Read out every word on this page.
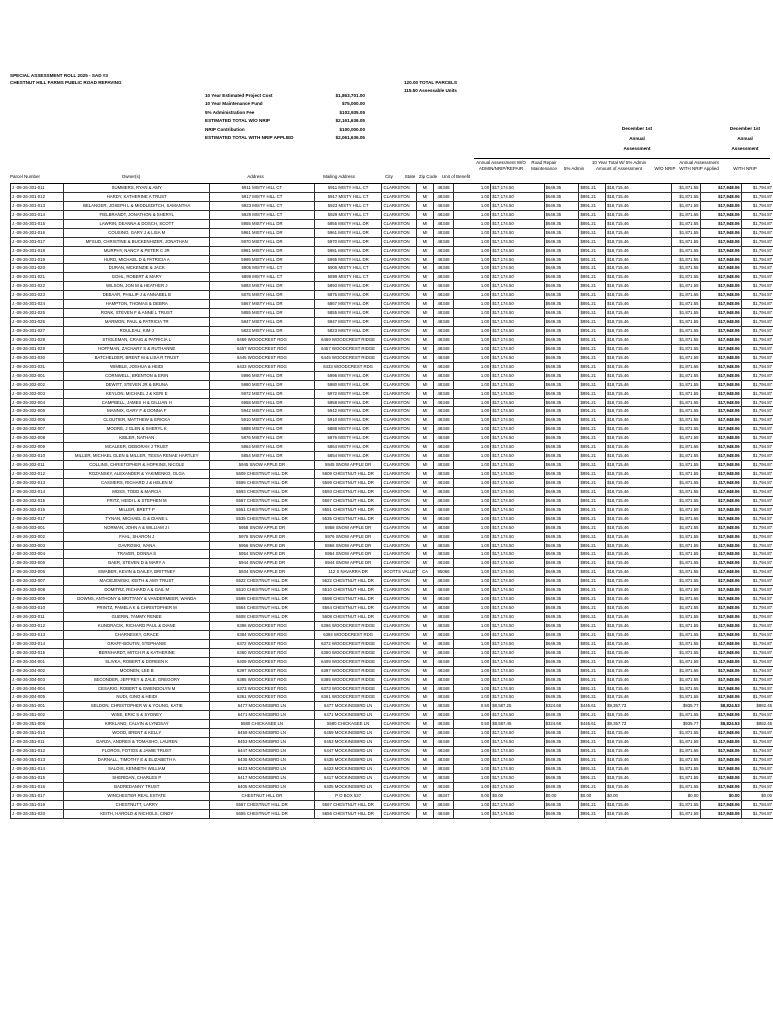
SPECIAL ASSESSMENT ROLL 2025 - SAD #3
CHESTNUT HILL FARMS PUBLIC ROAD REPAVING	120.00 TOTAL PARCELS
115.50 Assessable Units
10 Year Estimated Project Cost	$1,863,701.00
10 Year Maintenance Fund	$75,000.00
5% Administration Fee	$102,935.05
ESTIMATED TOTAL W/O NRIP	$2,161,636.05
NRIP Contribution	$100,000.00
ESTIMATED TOTAL WITH NRIP APPLIED	$2,061,636.05
December 1st
Annual
Assessment
December 1st
Annual
Assessment
Parcel Number	Owner(s)	Address	Mailing Address	City	State Zip Code	Unit of Benefit
Annual Assessment W/O ADMIN/NRIP/REPAIR
Road Repair Maintenance	5% Admin
10 Year Total W/ 5% Admin Amount of Assessment	W/O NRIP
Annual Assessment WITH NRIP Applied	WITH NRIP
J -08-26-301-011	SUMMERS, RYAN & AMY	5911 MISTY HILL CT	5911 MISTY HILL CT	CLARKSTON	MI	48348	1.00	$17,174.50	$649.35	$891.21	$18,715.46	$1,871.55	$17,948.06	$1,794.87
J -08-26-301-012	HARDY, KATHERINE A TRUST	5917 MISTY HILL CT	5917 MISTY HILL CT	CLARKSTON	MI	48348	1.00	$17,174.50	$649.35	$891.21	$18,715.46	$1,871.55	$17,948.06	$1,794.87
J -08-26-301-013	BELANGER, JOSEPH L & MIDDLEDITCH, SAMANTHA	5923 MISTY HILL CT	5923 MISTY HILL CT	CLARKSTON	MI	48348	1.00	$17,174.50	$649.35	$891.21	$18,715.46	$1,871.55	$17,948.06	$1,794.87
J -08-26-301-014	FIELBRANDT, JONATHON & SHERYL	5929 MISTY HILL CT	5929 MISTY HILL CT	CLARKSTON	MI	48348	1.00	$17,174.50	$649.35	$891.21	$18,715.46	$1,871.55	$17,948.06	$1,794.87
J -08-26-301-015	LAWRIN, DEANNA & DOSCH, SCOTT	5955 MISTY HILL DR	5955 MISTY HILL DR	CLARKSTON	MI	48348	1.00	$17,174.50	$649.35	$891.21	$18,715.46	$1,871.55	$17,948.06	$1,794.87
J -08-26-301-016	COUSINO, GARY J & LISA M	5961 MISTY HILL DR	5961 MISTY HILL DR	CLARKSTON	MI	48348	1.00	$17,174.50	$649.35	$891.21	$18,715.46	$1,871.55	$17,948.06	$1,794.87
J -08-26-301-017	MFSUD, CHRISTINE & BUCKENHIZER, JONATHAN	5970 MISTY HILL DR	5970 MISTY HILL DR	CLARKSTON	MI	48348	1.00	$17,174.50	$649.35	$891.21	$18,715.46	$1,871.55	$17,948.06	$1,794.87
J -08-26-301-018	MURPHY, NANCY & PETER C JR	5981 MISTY HILL DR	5981 MISTY HILL DR	CLARKSTON	MI	48348	1.00	$17,174.50	$649.35	$891.21	$18,715.46	$1,871.55	$17,948.06	$1,794.87
J -08-26-301-019	HURD, MICHAEL D & PATRICIA A	5995 MISTY HILL DR	5995 MISTY HILL DR	CLARKSTON	MI	48348	1.00	$17,174.50	$649.35	$891.21	$18,715.46	$1,871.55	$17,948.06	$1,794.87
J -08-26-301-020	DURAN, MCKENZIE & JACK	5905 MISTY HILL CT	5905 MISTY HILL CT	CLARKSTON	MI	48348	1.00	$17,174.50	$649.35	$891.21	$18,715.46	$1,871.55	$17,948.06	$1,794.87
J -08-26-301-021	GOHL, ROBERT & MARY	5899 MISTY HILL CT	5899 MISTY HILL CT	CLARKSTON	MI	48348	1.00	$17,174.50	$649.35	$891.21	$18,715.46	$1,871.55	$17,948.06	$1,794.87
J -08-26-301-022	WILSON, JON M & HEATHER J	5893 MISTY HILL DR	5893 MISTY HILL DR	CLARKSTON	MI	48348	1.00	$17,174.50	$649.35	$891.21	$18,715.46	$1,871.55	$17,948.06	$1,794.87
J -08-26-301-023	DEBAAR, PHILLIP J & ANNABEL B	5875 MISTY HILL DR	5875 MISTY HILL DR	CLARKSTON	MI	48348	1.00	$17,174.50	$649.35	$891.21	$18,715.46	$1,871.55	$17,948.06	$1,794.87
J -08-26-301-024	HAMPTON, THOMAS & DEBRA	5867 MISTY HILL DR	5867 MISTY HILL DR	CLARKSTON	MI	48348	1.00	$17,174.50	$649.35	$891.21	$18,715.46	$1,871.55	$17,948.06	$1,794.87
J -08-26-301-025	RONK, STEVEN F & ANNE L TRUST	5855 MISTY HILL DR	5855 MISTY HILL DR	CLARKSTON	MI	48348	1.00	$17,174.50	$649.35	$891.21	$18,715.46	$1,871.55	$17,948.06	$1,794.87
J -08-26-301-026	MARMON, PAUL & PATRICIA TR	5847 MISTY HILL DR	5847 MISTY HILL DR	CLARKSTON	MI	48348	1.00	$17,174.50	$649.35	$891.21	$18,715.46	$1,871.55	$17,948.06	$1,794.87
J -08-26-301-027	ROULEAU, KIM J	5823 MISTY HILL DR	5823 MISTY HILL DR	CLARKSTON	MI	48348	1.00	$17,174.50	$649.35	$891.21	$18,715.46	$1,871.55	$17,948.06	$1,794.87
J -08-26-301-028	STIGLEMAN, CRAIG & PATRICIA L	6469 WOODCREST RDG	6469 WOODCREST RIDGE	CLARKSTON	MI	48348	1.00	$17,174.50	$649.35	$891.21	$18,715.46	$1,871.55	$17,948.06	$1,794.87
J -08-26-301-029	HOFFMAN, ZACHARY S & RUTHANNE	6457 WOODCREST RDG	6457 WOODCREST RIDGE	CLARKSTON	MI	48348	1.00	$17,174.50	$649.35	$891.21	$18,715.46	$1,871.55	$17,948.06	$1,794.87
J -08-26-301-030	BATCHELDER, BRENT M & LISA R TRUST	6445 WOODCREST RDG	6445 WOODCREST RIDGE	CLARKSTON	MI	48348	1.00	$17,174.50	$649.35	$891.21	$18,715.46	$1,871.55	$17,948.06	$1,794.87
J -08-26-301-031	WIMBLE, JOSHUA & HEIDI	6433 WOODCREST RDG	6433 WOODCREST RDG	CLARKSTON	MI	48348	1.00	$17,174.50	$649.35	$891.21	$18,715.46	$1,871.55	$17,948.06	$1,794.87
J -08-26-302-001	CORNWELL, BRENTON & ERIN	5996 MISTY HILL DR	5996 MISTY HILL DR	CLARKSTON	MI	48348	1.00	$17,174.50	$649.35	$891.21	$18,715.46	$1,871.55	$17,948.06	$1,794.87
J -08-26-302-002	DEWITT, STEVEN JR & BRUNA	5980 MISTY HILL DR	5980 MISTY HILL DR	CLARKSTON	MI	48348	1.00	$17,174.50	$649.35	$891.21	$18,715.46	$1,871.55	$17,948.06	$1,794.87
J -08-26-302-003	KEYLON, MICHAEL J & KERI E	5972 MISTY HILL DR	5972 MISTY HILL DR	CLARKSTON	MI	48348	1.00	$17,174.50	$649.35	$891.21	$18,715.46	$1,871.55	$17,948.06	$1,794.87
J -08-26-302-004	CAMPBELL, JAMES H & GILLIAN H	5958 MISTY HILL DR	5958 MISTY HILL DR	CLARKSTON	MI	48348	1.00	$17,174.50	$649.35	$891.21	$18,715.46	$1,871.55	$17,948.06	$1,794.87
J -08-26-302-005	MANNIX, GARY F & DONNA F	5942 MISTY HILL DR	5942 MISTY HILL DR	CLARKSTON	MI	48348	1.00	$17,174.50	$649.35	$891.21	$18,715.46	$1,871.55	$17,948.06	$1,794.87
J -08-26-302-006	CLOUTIER, MATTHEW & ERICKA	5910 MISTY HILL DR	5910 MISTY HILL DR	CLARKSTON	MI	48348	1.00	$17,174.50	$649.35	$891.21	$18,715.46	$1,871.55	$17,948.06	$1,794.87
J -08-26-302-007	MOORE, J GLEN & SHERYL K	5888 MISTY HILL DR	5888 MISTY HILL DR	CLARKSTON	MI	48348	1.00	$17,174.50	$649.35	$891.21	$18,715.46	$1,871.55	$17,948.06	$1,794.87
J -08-26-302-008	KIBLER, NATHAN	5876 MISTY HILL DR	5876 MISTY HILL DR	CLARKSTON	MI	48348	1.00	$17,174.50	$649.35	$891.21	$18,715.46	$1,871.55	$17,948.06	$1,794.87
J -08-26-302-009	MCALEER, DEBORAH J TRUST	5864 MISTY HILL DR	5864 MISTY HILL DR	CLARKSTON	MI	48348	1.00	$17,174.50	$649.35	$891.21	$18,715.46	$1,871.55	$17,948.06	$1,794.87
J -08-26-302-010	MILLER, MICHAEL GLEN & MILLER, TESSA RENAE HARTLEY	5854 MISTY HILL DR	5854 MISTY HILL DR	CLARKSTON	MI	48348	1.00	$17,174.50	$649.35	$891.21	$18,715.46	$1,871.55	$17,948.06	$1,794.87
J -08-26-302-011	COLLINS, CHRISTOPHER & HOPKINS, NICOLE	5945 SNOW APPLE DR	5945 SNOW APPLE DR	CLARKSTON	MI	48348	1.00	$17,174.50	$649.35	$891.21	$18,715.46	$1,871.55	$17,948.06	$1,794.87
J -08-26-302-012	ROZANSKY, ALEXANDER & YAKIMENKO, OLGA	5609 CHESTNUT HILL DR	5609 CHESTNUT HILL DR	CLARKSTON	MI	48348	1.00	$17,174.50	$649.35	$891.21	$18,715.46	$1,871.55	$17,948.06	$1,794.87
J -08-26-302-013	CASSIERS, RICHARD J & HELEN M	5599 CHESTNUT HILL DR	5599 CHESTNUT HILL DR	CLARKSTON	MI	48348	1.00	$17,174.50	$649.35	$891.21	$18,715.46	$1,871.55	$17,948.06	$1,794.87
J -08-26-302-014	MOSS, TODD & MARCIA	5593 CHESTNUT HILL DR	5593 CHESTNUT HILL DR	CLARKSTON	MI	48348	1.00	$17,174.50	$649.35	$891.21	$18,715.46	$1,871.55	$17,948.06	$1,794.87
J -08-26-302-015	FRITZ, HEIDI L & STEPHEN M	5567 CHESTNUT HILL DR	5567 CHESTNUT HILL DR	CLARKSTON	MI	48348	1.00	$17,174.50	$649.35	$891.21	$18,715.46	$1,871.55	$17,948.06	$1,794.87
J -08-26-302-016	MILLER, BRETT P	5551 CHESTNUT HILL DR	5551 CHESTNUT HILL DR	CLARKSTON	MI	48348	1.00	$17,174.50	$649.35	$891.21	$18,715.46	$1,871.55	$17,948.06	$1,794.87
J -08-26-302-017	TYNAN, MICHAEL G & DIANE L	5535 CHESTNUT HILL DR	5535 CHESTNUT HILL DR	CLARKSTON	MI	48348	1.00	$17,174.50	$649.35	$891.21	$18,715.46	$1,871.55	$17,948.06	$1,794.87
J -08-26-303-001	NORMAN, JOHN A & WILLIAM J I	5958 SNOW APPLE DR	5958 SNOW APPLE DR	CLARKSTON	MI	48348	1.00	$17,174.50	$649.35	$891.21	$18,715.46	$1,871.55	$17,948.06	$1,794.87
J -08-26-303-002	FAHL, SHARON J	5976 SNOW APPLE DR	5976 SNOW APPLE DR	CLARKSTON	MI	48348	1.00	$17,174.50	$649.35	$891.21	$18,715.46	$1,871.55	$17,948.06	$1,794.87
J -08-26-303-003	GAVROSKI, IVANA	5966 SNOW APPLE DR	5966 SNOW APPLE DR	CLARKSTON	MI	48348	1.00	$17,174.50	$649.35	$891.21	$18,715.46	$1,871.55	$17,948.06	$1,794.87
J -08-26-303-004	TRAVER, DONNA S	5954 SNOW APPLE DR	5954 SNOW APPLE DR	CLARKSTON	MI	48348	1.00	$17,174.50	$649.35	$891.21	$18,715.46	$1,871.55	$17,948.06	$1,794.87
J -08-26-303-005	BAER, STEVEN D & MARY A	5944 SNOW APPLE DR	5944 SNOW APPLE DR	CLARKSTON	MI	48348	1.00	$17,174.50	$649.35	$891.21	$18,715.46	$1,871.55	$17,948.06	$1,794.87
J -08-26-303-006	SWABER, KEVIN & DAILEY, BRITTNEY	5934 SNOW APPLE DR	112 S NAVARRA DR	SCOTTS VALLEY	CA	95066	1.00	$17,174.50	$649.35	$891.21	$18,715.46	$1,871.55	$17,948.06	$1,794.87
J -08-26-303-007	MACIEJEWSKI, KEITH & AMY TRUST	5522 CHESTNUT HILL DR	5522 CHESTNUT HILL DR	CLARKSTON	MI	48348	1.00	$17,174.50	$649.35	$891.21	$18,715.46	$1,871.55	$17,948.06	$1,794.87
J -08-26-303-008	DOMITRZ, RICHARD A & GAIL M	5510 CHESTNUT HILL DR	5510 CHESTNUT HILL DR	CLARKSTON	MI	48348	1.00	$17,174.50	$649.35	$891.21	$18,715.46	$1,871.55	$17,948.06	$1,794.87
J -08-26-303-009	DOWNS, ANTHONY & BRITTANY & VANDERMEER, WANDA	5598 CHESTNUT HILL DR	5598 CHESTNUT HILL DR	CLARKSTON	MI	48348	1.00	$17,174.50	$649.35	$891.21	$18,715.46	$1,871.55	$17,948.06	$1,794.87
J -08-26-303-010	PRINTZ, PAMELA K & CHRISTOPHER M	5564 CHESTNUT HILL DR	5564 CHESTNUT HILL DR	CLARKSTON	MI	48348	1.00	$17,174.50	$649.35	$891.21	$18,715.46	$1,871.55	$17,948.06	$1,794.87
J -08-26-303-011	GUERIN, TAMMY RENEE	5608 CHESTNUT HILL DR	5608 CHESTNUT HILL DR	CLARKSTON	MI	48348	1.00	$17,174.50	$649.35	$891.21	$18,715.46	$1,871.55	$17,948.06	$1,794.87
J -08-26-303-012	KUNDRACIK, RICHARD PAUL & DIANE	6396 WOODCREST RDG	6396 WOODCREST RIDGE	CLARKSTON	MI	48348	1.00	$17,174.50	$649.35	$891.21	$18,715.46	$1,871.55	$17,948.06	$1,794.87
J -08-26-303-013	CHARNESKY, GRACE	6384 WOODCREST RDG	6384 WOODCREST RDG	CLARKSTON	MI	48348	1.00	$17,174.50	$649.35	$891.21	$18,715.46	$1,871.55	$17,948.06	$1,794.87
J -08-26-303-014	GRAFF-BOUTIN, STEPHANIE	6372 WOODCREST RDG	6372 WOODCREST RIDGE	CLARKSTON	MI	48348	1.00	$17,174.50	$649.35	$891.21	$18,715.46	$1,871.55	$17,948.06	$1,794.87
J -08-26-303-015	BERNHARDT, MITCH R & KATHERINE	6360 WOODCREST RDG	6360 WOODCREST RIDGE	CLARKSTON	MI	48348	1.00	$17,174.50	$649.35	$891.21	$18,715.46	$1,871.55	$17,948.06	$1,794.87
J -08-26-304-001	SLIVKA, ROBERT & DOREEN K	6409 WOODCREST RDG	6409 WOODCREST RIDGE	CLARKSTON	MI	48348	1.00	$17,174.50	$649.35	$891.21	$18,715.46	$1,871.55	$17,948.06	$1,794.87
J -08-26-304-002	MOONEN, LEE B	6397 WOODCREST RDG	6397 WOODCREST RIDGE	CLARKSTON	MI	48348	1.00	$17,174.50	$649.35	$891.21	$18,715.46	$1,871.55	$17,948.06	$1,794.87
J -08-26-304-003	SECONDER, JEFFREY & ZALE, GREGORY	6385 WOODCREST RDG	6385 WOODCREST RIDGE	CLARKSTON	MI	48348	1.00	$17,174.50	$649.35	$891.21	$18,715.46	$1,871.55	$17,948.06	$1,794.87
J -08-26-304-004	CESARIO, ROBERT & GWENDOLYN M	6373 WOODCREST RDG	6373 WOODCREST RIDGE	CLARKSTON	MI	48348	1.00	$17,174.50	$649.35	$891.21	$18,715.46	$1,871.55	$17,948.06	$1,794.87
J -08-26-304-005	NUDI, GINO & HEIDI	6361 WOODCREST RDG	6361 WOODCREST RIDGE	CLARKSTON	MI	48348	1.00	$17,174.50	$649.35	$891.21	$18,715.46	$1,871.55	$17,948.06	$1,794.87
J -08-26-351-001	SELDON, CHRISTOPHER W & YOUNG, KATIE	6477 MOCKINGBIRD LN	6477 MOCKINGBIRD LN	CLARKSTON	MI	48348	0.50	$8,587.25	$324.68	$445.61	$9,357.73	$935.77	$8,824.53	$882.45
J -08-26-351-002	WISE, ERIC S & SYDNEY	6471 MOCKINGBIRD LN	6471 MOCKINGBIRD LN	CLARKSTON	MI	48348	1.00	$17,174.50	$649.35	$891.21	$18,715.46	$1,871.55	$17,948.06	$1,794.87
J -08-26-351-006	KIRKLAND, CALVIN & LYNDSAY	5580 CHICKASEE LN	5580 CHICKASEE LN	CLARKSTON	MI	48348	0.50	$8,587.45	$324.68	$445.61	$9,357.73	$935.77	$8,824.53	$882.45
J -08-26-351-010	WOOD, BRENT & KELLY	6459 MOCKINGBIRD LN	6459 MOCKINGBIRD LN	CLARKSTON	MI	48348	1.00	$17,174.50	$649.35	$891.21	$18,715.46	$1,871.55	$17,948.06	$1,794.87
J -08-26-351-011	GARZA, ANDRES & TOMASHO, LAUREN	6453 MOCKINGBIRD LN	6453 MOCKINGBIRD LN	CLARKSTON	MI	48348	1.00	$17,174.50	$649.35	$891.21	$18,715.46	$1,871.55	$17,948.06	$1,794.87
J -08-26-351-012	FLOROS, FOTIOS & JAMIE TRUST	6447 MOCKINGBIRD LN	6447 MOCKINGBIRD LN	CLARKSTON	MI	48348	1.00	$17,174.50	$649.35	$891.21	$18,715.46	$1,871.55	$17,948.06	$1,794.87
J -08-26-351-013	DARNALL, TIMOTHY E & ELIZABETH A	6435 MOCKINGBIRD LN	6435 MOCKINGBIRD LN	CLARKSTON	MI	48348	1.00	$17,174.50	$649.35	$891.21	$18,715.46	$1,871.55	$17,948.06	$1,794.87
J -08-26-351-014	SALOIS, KENNETH WILLIAM	6423 MOCKINGBIRD LN	6423 MOCKINGBIRD LN	CLARKSTON	MI	48348	1.00	$17,174.50	$649.35	$891.21	$18,715.46	$1,871.55	$17,948.06	$1,794.87
J -08-26-351-015	SHERIDAN, CHARLES P	6417 MOCKINGBIRD LN	6417 MOCKINGBIRD LN	CLARKSTON	MI	48348	1.00	$17,174.50	$649.35	$891.21	$18,715.46	$1,871.55	$17,948.06	$1,794.87
J -08-26-351-016	BADREDANNY TRUST	6405 MOCKINGBIRD LN	6405 MOCKINGBIRD LN	CLARKSTON	MI	48348	1.00	$17,174.50	$649.35	$891.21	$18,715.46	$1,871.55	$17,948.06	$1,794.87
J -08-26-351-017	WINCHESTER REAL ESTATE	CHESTNUT HILL DR	P O BOX 537	CLARKSTON	MI	48347	0.00	$0.00	$0.00	$0.00	$0.00	$0.00	$0.00	$0.00
J -08-26-351-019	CHESTNUTT, LARRY	5567 CHESTNUT HILL DR	5567 CHESTNUT HILL DR	CLARKSTON	MI	48348	1.00	$17,174.50	$649.35	$891.21	$18,715.46	$1,871.55	$17,948.06	$1,794.87
J -08-26-351-020	KEITH, HAROLD & NICHOLS, CINDY	5655 CHESTNUT HILL DR	5655 CHESTNUT HILL DR	CLARKSTON	MI	48348	1.00	$17,174.50	$649.35	$891.21	$18,715.46	$1,871.55	$17,948.06	$1,794.87
